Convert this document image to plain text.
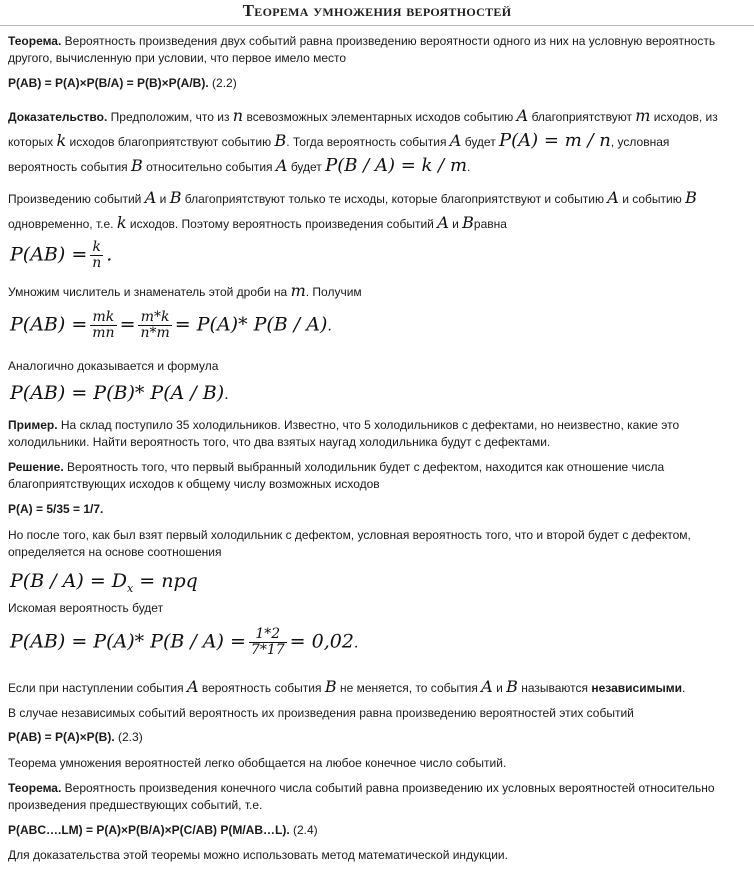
Теорема умножения вероятностей
Теорема. Вероятность произведения двух событий равна произведению вероятности одного из них на условную вероятность
другого, вычисленную при условии, что первое имело место
P(AB) = P(A)×P(B/A) = P(B)×P(A/B). (2.2)
Доказательство. Предположим, что из n всевозможных элементарных исходов событию A благоприятствуют m исходов, из
которых k исходов благоприятствуют событию B. Тогда вероятность события A будет P(A) = m / n, условная
вероятность события B относительно события A будет P(B / A) = k / m.
Произведению событий A и B благоприятствуют только те исходы, которые благоприятствуют и событию A и событию B
одновременно, т.е. k исходов. Поэтому вероятность произведения событий A и Bравна
$P(AB) = \frac{k}{n}$ .
Умножим числитель и знаменатель этой дроби на m. Получим
$P(AB) = \frac{mk}{mn} = \frac{m*k}{n*m} = P(A)*$ P(B / A).
Аналогично доказывается и формула
P(AB) = P(B)* P(A / B).
Пример. На склад поступило 35 холодильников. Известно, что 5 холодильников с дефектами, но неизвестно, какие это
холодильники. Найти вероятность того, что два взятых наугад холодильника будут с дефектами.
Решение. Вероятность того, что первый выбранный холодильник будет с дефектом, находится как отношение числа
благоприятствующих исходов к общему числу возможных исходов
P(A) = 5/35 = 1/7.
Но после того, как был взят первый холодильник с дефектом, условная вероятность того, что и второй будет с дефектом,
определяется на основе соотношения
$P(B / A) = D_x$ = npq
Искомая вероятность будет
P(AB) = P(A)* $P(B / A) = \frac{1*2}{7*17} = 0,02$.
Если при наступлении события A вероятность события B не меняется, то события A и B называются независимыми.
В случае независимых событий вероятность их произведения равна произведению вероятностей этих событий
P(AB) = P(A)×P(B). (2.3)
Теорема умножения вероятностей легко обобщается на любое конечное число событий.
Теорема. Вероятность произведения конечного числа событий равна произведению их условных вероятностей относительно
произведения предшествующих событий, т.е.
P(ABC….LM) = P(A)×P(B/A)×P(C/AB) P(M/AB…L). (2.4)
Для доказательства этой теоремы можно использовать метод математической индукции.
